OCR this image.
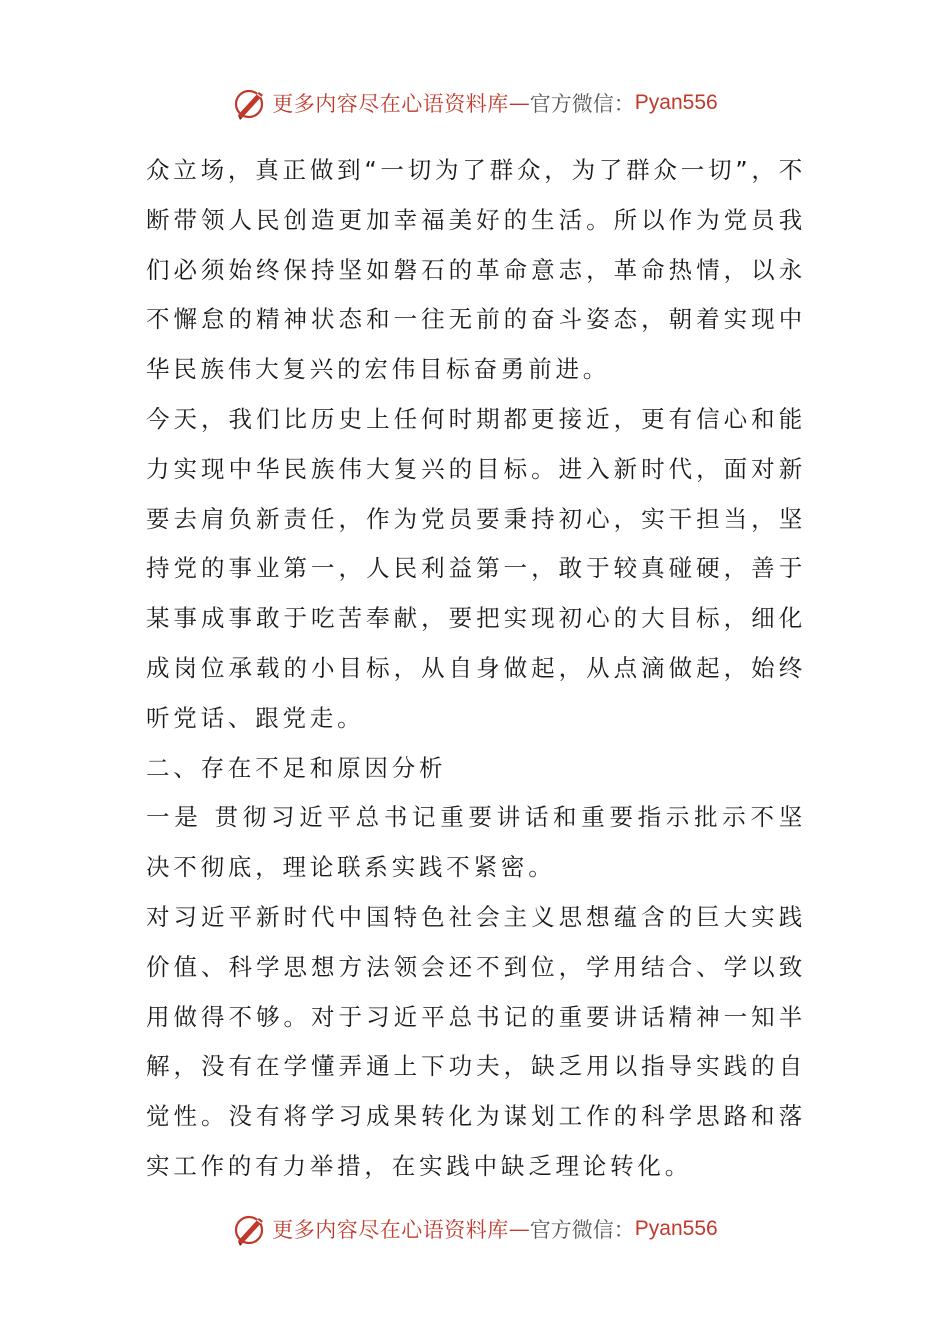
更多内容尽在心语资料库 — 官方微信： Pyan556

众立场，真正做到“一切为了群众，为了群众一切”，不断带领人民创造更加幸福美好的生活。所以作为党员我们必须始终保持坚如磐石的革命意志，革命热情，以永不懈怠的精神状态和一往无前的奋斗姿态，朝着实现中华民族伟大复兴的宏伟目标奋勇前进。

今天，我们比历史上任何时期都更接近，更有信心和能力实现中华民族伟大复兴的目标。进入新时代，面对新要去肩负新责任，作为党员要秉持初心，实干担当，坚持党的事业第一，人民利益第一，敢于较真碰硬，善于某事成事敢于吃苦奉献，要把实现初心的大目标，细化成岗位承载的小目标，从自身做起，从点滴做起，始终听党话、跟党走。

二、存在不足和原因分析

一是 贯彻习近平总书记重要讲话和重要指示批示不坚决不彻底，理论联系实践不紧密。

对习近平新时代中国特色社会主义思想蕴含的巨大实践价值、科学思想方法领会还不到位，学用结合、学以致用做得不够。对于习近平总书记的重要讲话精神一知半解，没有在学懂弄通上下功夫，缺乏用以指导实践的自觉性。没有将学习成果转化为谋划工作的科学思路和落实工作的有力举措，在实践中缺乏理论转化。

更多内容尽在心语资料库 — 官方微信： Pyan556
